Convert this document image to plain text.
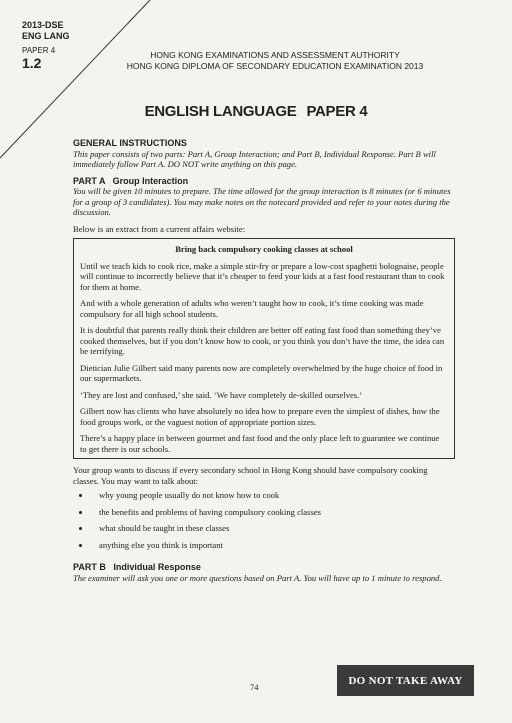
2013-DSE
ENG LANG
PAPER 4
1.2	HONG KONG EXAMINATIONS AND ASSESSMENT AUTHORITY
HONG KONG DIPLOMA OF SECONDARY EDUCATION EXAMINATION 2013
ENGLISH LANGUAGE PAPER 4
GENERAL INSTRUCTIONS
This paper consists of two parts: Part A, Group Interaction; and Part B, Individual Response. Part B will immediately follow Part A. DO NOT write anything on this page.
PART A   Group Interaction
You will be given 10 minutes to prepare. The time allowed for the group interaction is 8 minutes (or 6 minutes for a group of 3 candidates). You may make notes on the notecard provided and refer to your notes during the discussion.
Below is an extract from a current affairs website:
Bring back compulsory cooking classes at school

Until we teach kids to cook rice, make a simple stir-fry or prepare a low-cost spaghetti bolognaise, people will continue to incorrectly believe that it’s cheaper to feed your kids at a fast food restaurant than to cook for them at home.

And with a whole generation of adults who weren’t taught how to cook, it’s time cooking was made compulsory for all high school students.

It is doubtful that parents really think their children are better off eating fast food than something they’ve cooked themselves, but if you don’t know how to cook, or you think you don’t have the time, the idea can be terrifying.

Dietician Julie Gilbert said many parents now are completely overwhelmed by the huge choice of food in our supermarkets.

‘They are lost and confused,’ she said. ‘We have completely de-skilled ourselves.’

Gilbert now has clients who have absolutely no idea how to prepare even the simplest of dishes, how the food groups work, or the vaguest notion of appropriate portion sizes.

There’s a happy place in between gourmet and fast food and the only place left to guarantee we continue to get there is our schools.

Your group wants to discuss if every secondary school in Hong Kong should have compulsory cooking classes. You may want to talk about:
• why young people usually do not know how to cook
• the benefits and problems of having compulsory cooking classes
• what should be taught in these classes
• anything else you think is important
PART B   Individual Response
The examiner will ask you one or more questions based on Part A. You will have up to 1 minute to respond.
74
DO NOT TAKE AWAY
